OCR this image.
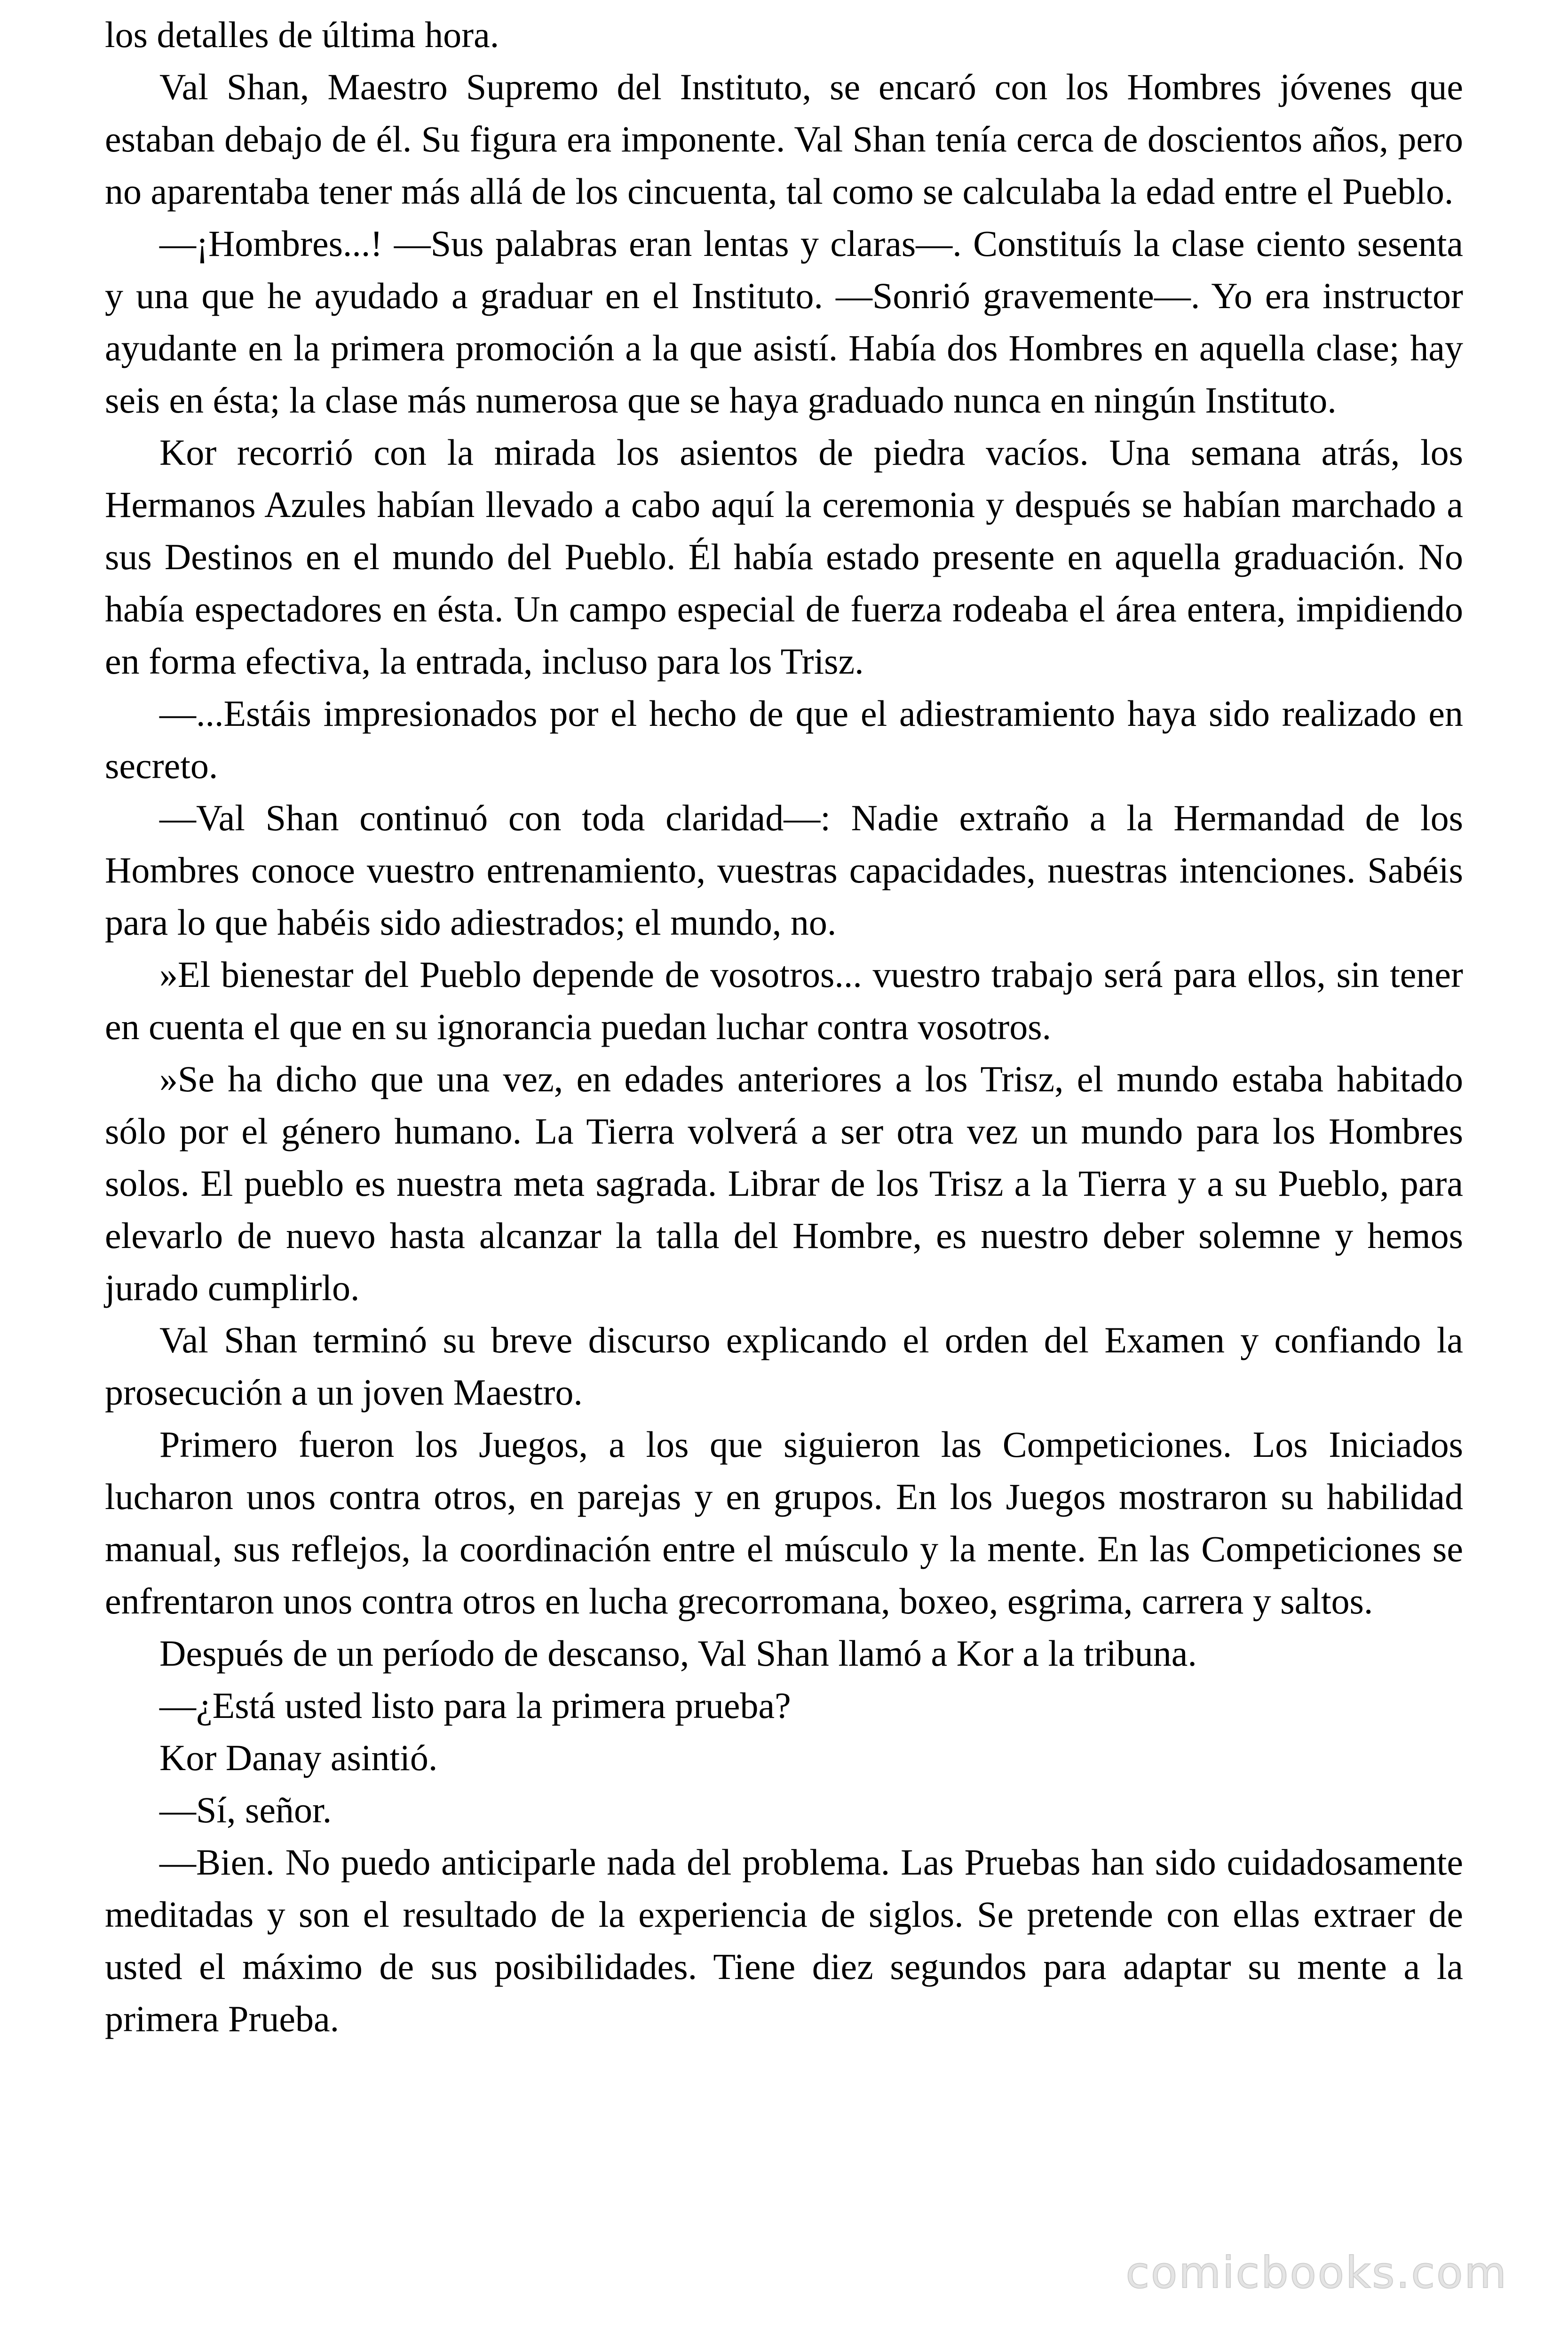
los detalles de última hora.

Val Shan, Maestro Supremo del Instituto, se encaró con los Hombres jóvenes que estaban debajo de él. Su figura era imponente. Val Shan tenía cerca de doscientos años, pero no aparentaba tener más allá de los cincuenta, tal como se calculaba la edad entre el Pueblo.

—¡Hombres...! —Sus palabras eran lentas y claras—. Constituís la clase ciento sesenta y una que he ayudado a graduar en el Instituto. —Sonrió gravemente—. Yo era instructor ayudante en la primera promoción a la que asistí. Había dos Hombres en aquella clase; hay seis en ésta; la clase más numerosa que se haya graduado nunca en ningún Instituto.

Kor recorrió con la mirada los asientos de piedra vacíos. Una semana atrás, los Hermanos Azules habían llevado a cabo aquí la ceremonia y después se habían marchado a sus Destinos en el mundo del Pueblo. Él había estado presente en aquella graduación. No había espectadores en ésta. Un campo especial de fuerza rodeaba el área entera, impidiendo en forma efectiva, la entrada, incluso para los Trisz.

—...Estáis impresionados por el hecho de que el adiestramiento haya sido realizado en secreto.

—Val Shan continuó con toda claridad—: Nadie extraño a la Hermandad de los Hombres conoce vuestro entrenamiento, vuestras capacidades, nuestras intenciones. Sabéis para lo que habéis sido adiestrados; el mundo, no.

»El bienestar del Pueblo depende de vosotros... vuestro trabajo será para ellos, sin tener en cuenta el que en su ignorancia puedan luchar contra vosotros.

»Se ha dicho que una vez, en edades anteriores a los Trisz, el mundo estaba habitado sólo por el género humano. La Tierra volverá a ser otra vez un mundo para los Hombres solos. El pueblo es nuestra meta sagrada. Librar de los Trisz a la Tierra y a su Pueblo, para elevarlo de nuevo hasta alcanzar la talla del Hombre, es nuestro deber solemne y hemos jurado cumplirlo.

Val Shan terminó su breve discurso explicando el orden del Examen y confiando la prosecución a un joven Maestro.

Primero fueron los Juegos, a los que siguieron las Competiciones. Los Iniciados lucharon unos contra otros, en parejas y en grupos. En los Juegos mostraron su habilidad manual, sus reflejos, la coordinación entre el músculo y la mente. En las Competiciones se enfrentaron unos contra otros en lucha grecorromana, boxeo, esgrima, carrera y saltos.

Después de un período de descanso, Val Shan llamó a Kor a la tribuna.

—¿Está usted listo para la primera prueba?

Kor Danay asintió.

—Sí, señor.

—Bien. No puedo anticiparle nada del problema. Las Pruebas han sido cuidadosamente meditadas y son el resultado de la experiencia de siglos. Se pretende con ellas extraer de usted el máximo de sus posibilidades. Tiene diez segundos para adaptar su mente a la primera Prueba.

comicbooks.com
